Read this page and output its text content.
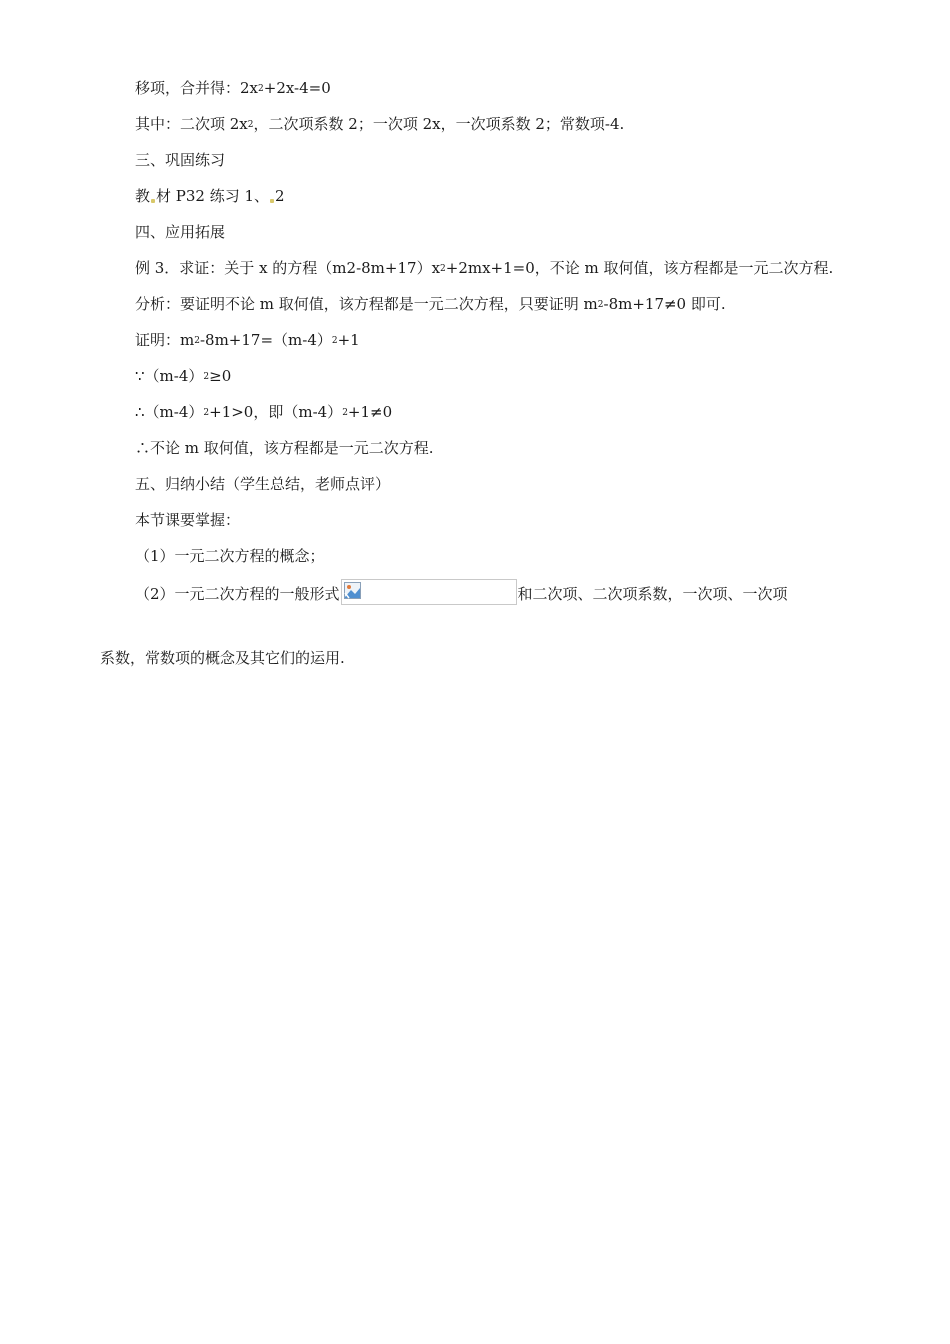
移项，合并得：$2x^2+2x-4=0$
其中：二次项 $2x^2$，二次项系数 2；一次项 2x，一次项系数 2；常数项-4.
三、巩固练习
教 材 P32 练习 1、 2
四、应用拓展
例 3．求证：关于 x 的方程$(m2-8m+17)x^2+2mx+1=0$，不论 m 取何值，该方程都是一元二次方程.
分析：要证明不论 m 取何值，该方程都是一元二次方程，只要证明 $m^2-8m+17\ne 0$ 即可.
证明：$m^2-8m+17=(m-4)^2+1$
$\because(m-4)^2\ge 0$
$\therefore(m-4)^2+1>0$，即$(m-4)^2+1\ne 0$
∴不论 m 取何值，该方程都是一元二次方程.
五、归纳小结（学生总结，老师点评）
本节课要掌握：
（1）一元二次方程的概念；
（2）一元二次方程的一般形式	和二次项、二次项系数，一次项、一次项
系数，常数项的概念及其它们的运用.
